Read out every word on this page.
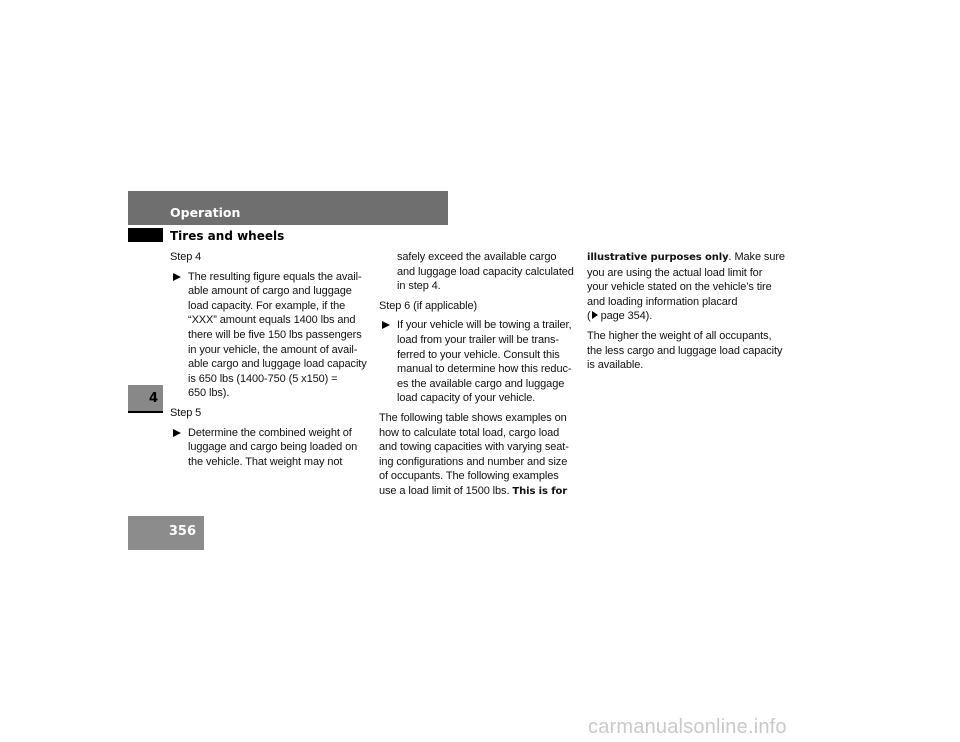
Operation
Tires and wheels
4
356
Step 4
The resulting figure equals the avail-
able amount of cargo and luggage
load capacity. For example, if the
“XXX” amount equals 1400 lbs and
there will be five 150 lbs passengers
in your vehicle, the amount of avail-
able cargo and luggage load capacity
is 650 lbs (1400-750 (5 x150) =
650 lbs).
Step 5
Determine the combined weight of
luggage and cargo being loaded on
the vehicle. That weight may not
safely exceed the available cargo
and luggage load capacity calculated
in step 4.
Step 6 (if applicable)
If your vehicle will be towing a trailer,
load from your trailer will be trans-
ferred to your vehicle. Consult this
manual to determine how this reduc-
es the available cargo and luggage
load capacity of your vehicle.
The following table shows examples on
how to calculate total load, cargo load
and towing capacities with varying seat-
ing configurations and number and size
of occupants. The following examples
use a load limit of 1500 lbs. This is for
illustrative purposes only. Make sure
you are using the actual load limit for
your vehicle stated on the vehicle’s tire
and loading information placard
( page 354).
The higher the weight of all occupants,
the less cargo and luggage load capacity
is available.
carmanualsonline.info
